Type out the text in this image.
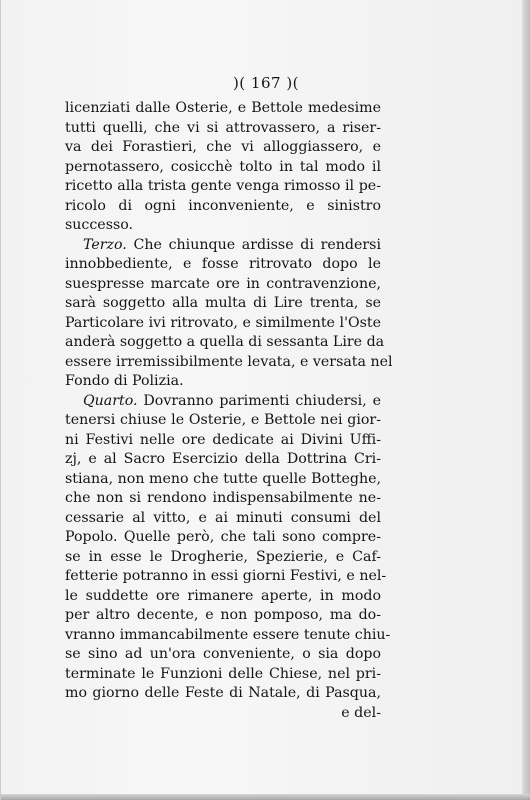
)( 167 )(
licenziati dalle Osterie, e Bettole medesime
tutti quelli, che vi si attrovassero, a riser-
va dei Forastieri, che vi alloggiassero, e
pernotassero, cosicchè tolto in tal modo il
ricetto alla trista gente venga rimosso il pe-
ricolo di ogni inconveniente, e sinistro
successo.
Terzo. Che chiunque ardisse di rendersi
innobbediente, e fosse ritrovato dopo le
suespresse marcate ore in contravenzione,
sarà soggetto alla multa di Lire trenta, se
Particolare ivi ritrovato, e similmente l'Oste
anderà soggetto a quella di sessanta Lire da
essere irremissibilmente levata, e versata nel
Fondo di Polizia.
Quarto. Dovranno parimenti chiudersi, e
tenersi chiuse le Osterie, e Bettole nei gior-
ni Festivi nelle ore dedicate ai Divini Uffi-
zj, e al Sacro Esercizio della Dottrina Cri-
stiana, non meno che tutte quelle Botteghe,
che non si rendono indispensabilmente ne-
cessarie al vitto, e ai minuti consumi del
Popolo. Quelle però, che tali sono compre-
se in esse le Drogherie, Spezierie, e Caf-
fetterie potranno in essi giorni Festivi, e nel-
le suddette ore rimanere aperte, in modo
per altro decente, e non pomposo, ma do-
vranno immancabilmente essere tenute chiu-
se sino ad un'ora conveniente, o sia dopo
terminate le Funzioni delle Chiese, nel pri-
mo giorno delle Feste di Natale, di Pasqua,
e del-
